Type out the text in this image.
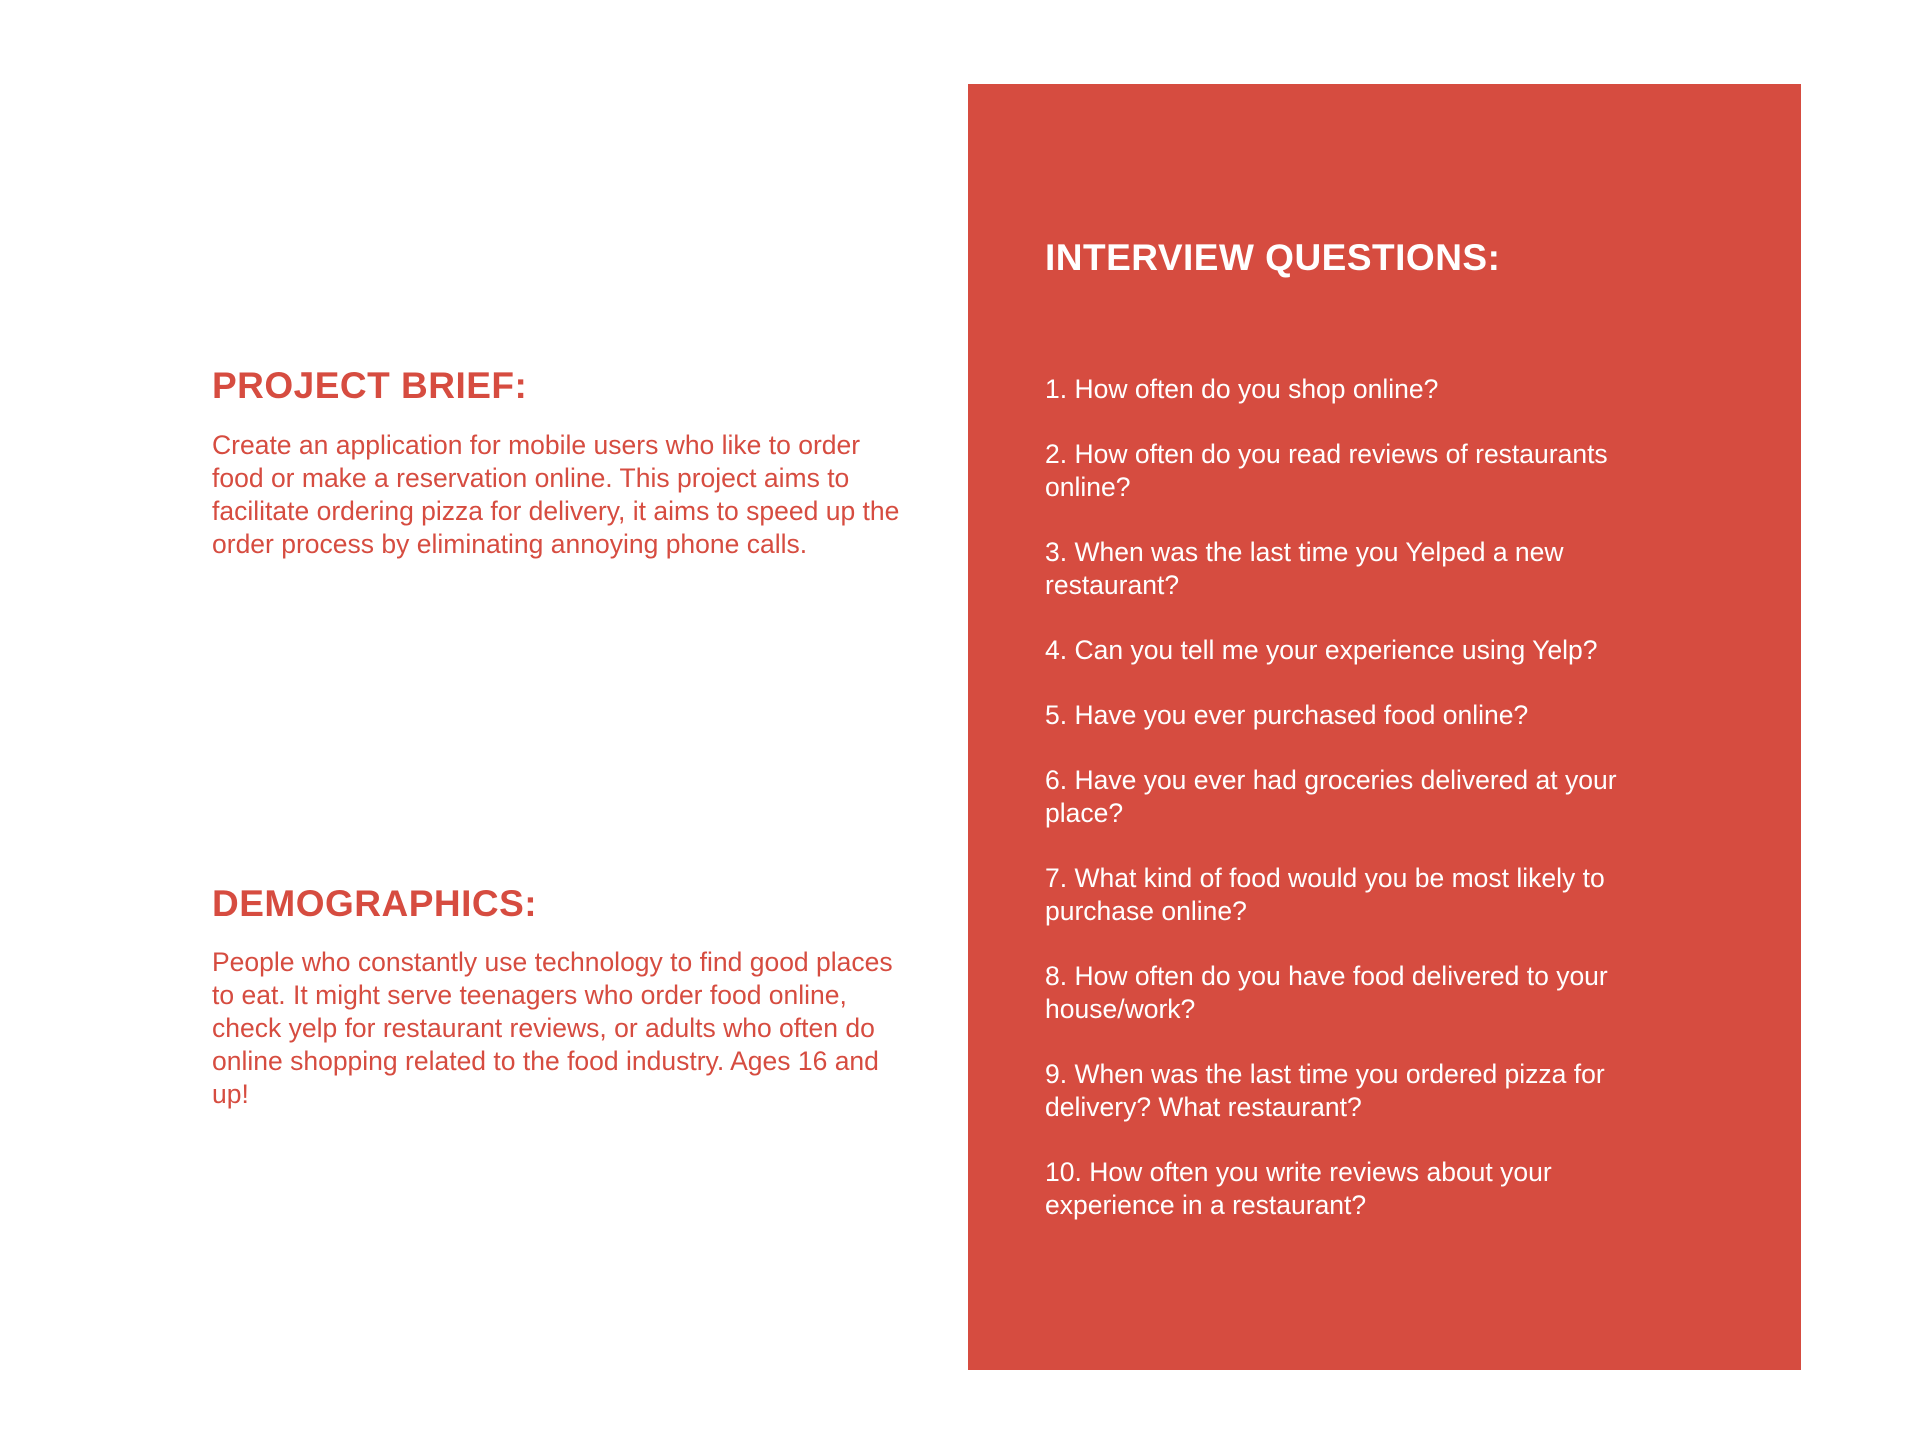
PROJECT BRIEF:

Create an application for mobile users who like to order food or make a reservation online. This project aims to facilitate ordering pizza for delivery, it aims to speed up the order process by eliminating annoying phone calls.

DEMOGRAPHICS:

People who constantly use technology to find good places to eat. It might serve teenagers who order food online, check yelp for restaurant reviews, or adults who often do online shopping related to the food industry. Ages 16 and up!

INTERVIEW QUESTIONS:
1. How often do you shop online?
2. How often do you read reviews of restaurants online?
3. When was the last time you Yelped a new restaurant?
4. Can you tell me your experience using Yelp?
5. Have you ever purchased food online?
6. Have you ever had groceries delivered at your place?
7. What kind of food would you be most likely to purchase online?
8. How often do you have food delivered to your house/work?
9. When was the last time you ordered pizza for delivery? What restaurant?
10. How often you write reviews about your experience in a restaurant?
